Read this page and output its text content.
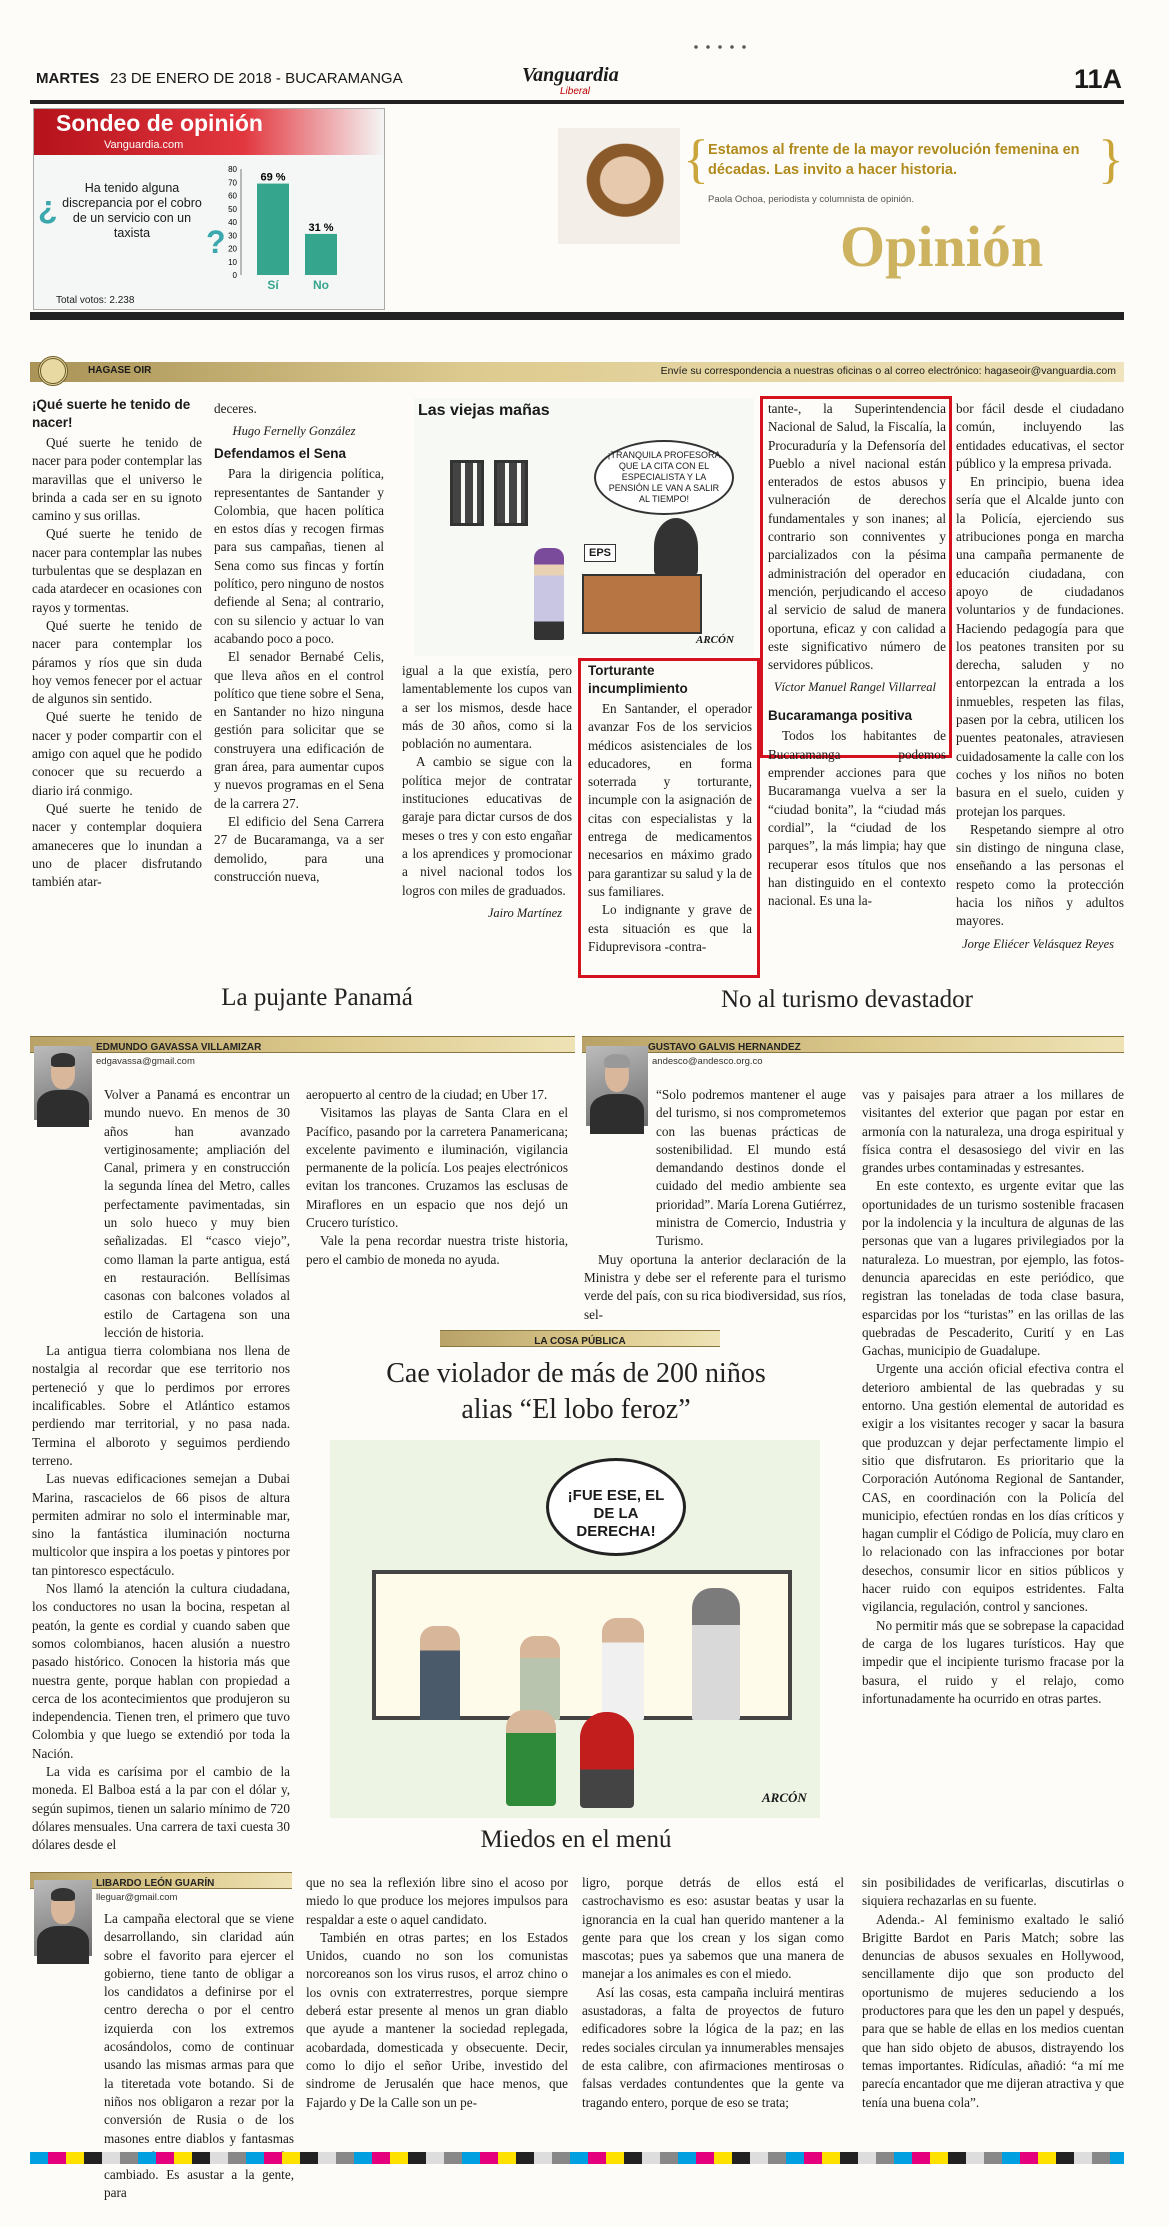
MARTES 23 DE ENERO DE 2018 - BUCARAMANGA	Vanguardia
Liberal	11A
Sondeo de opinión
Vanguardia.com
¿
Ha tenido alguna discrepancia por el cobro de un servicio con un taxista	?
80
70
60
50
40
30
20
10
0
69 %
Sí
31 %
No
Total votos: 2.238
{ Estamos al frente de la mayor revolución femenina en décadas. Las invito a hacer historia.	}
Paola Ochoa, periodista y columnista de opinión.
Opinión
HAGASE OIR	Envíe su correspondencia a nuestras oficinas o al correo electrónico: hagaseoir@vanguardia.com
¡Qué suerte he tenido de nacer!

Qué suerte he tenido de nacer para poder contemplar las maravillas que el universo le brinda a cada ser en su ignoto camino y sus orillas.

Qué suerte he tenido de nacer para contemplar las nubes turbulentas que se desplazan en cada atardecer en ocasiones con rayos y tormentas.

Qué suerte he tenido de nacer para contemplar los páramos y ríos que sin duda hoy vemos fenecer por el actuar de algunos sin sentido.

Qué suerte he tenido de nacer y poder compartir con el amigo con aquel que he podido conocer que su recuerdo a diario irá conmigo.

Qué suerte he tenido de nacer y contemplar doquiera amaneceres que lo inundan a uno de placer disfrutando también atar-

deceres.
Hugo Fernelly González
Defendamos el Sena

Para la dirigencia política, representantes de Santander y Colombia, que hacen política en estos días y recogen firmas para sus campañas, tienen al Sena como sus fincas y fortín político, pero ninguno de nostos defiende al Sena; al contrario, con su silencio y actuar lo van acabando poco a poco.

El senador Bernabé Celis, que lleva años en el control político que tiene sobre el Sena, en Santander no hizo ninguna gestión para solicitar que se construyera una edificación de gran área, para aumentar cupos y nuevos programas en el Sena de la carrera 27.

El edificio del Sena Carrera 27 de Bucaramanga, va a ser demolido, para una construcción nueva,

Las viejas mañas
¡TRANQUILA PROFESORA QUE LA CITA CON EL ESPECIALISTA Y LA PENSIÓN LE VAN A SALIR AL TIEMPO!
EPS
ARCÓN

igual a la que existía, pero lamentablemente los cupos van a ser los mismos, desde hace más de 30 años, como si la población no aumentara.

A cambio se sigue con la política mejor de contratar instituciones educativas de garaje para dictar cursos de dos meses o tres y con esto engañar a los aprendices y promocionar a nivel nacional todos los logros con miles de graduados.

Jairo Martínez
Torturante incumplimiento

En Santander, el operador avanzar Fos de los servicios médicos asistenciales de los educadores, en forma soterrada y torturante, incumple con la asignación de citas con especialistas y la entrega de medicamentos necesarios en máximo grado para garantizar su salud y la de sus familiares.

Lo indignante y grave de esta situación es que la Fiduprevisora -contra-

tante-, la Superintendencia Nacional de Salud, la Fiscalía, la Procuraduría y la Defensoría del Pueblo a nivel nacional están enterados de estos abusos y vulneración de derechos fundamentales y son inanes; al contrario son conniventes y parcializados con la pésima administración del operador en mención, perjudicando el acceso al servicio de salud de manera oportuna, eficaz y con calidad a este significativo número de servidores públicos.

Víctor Manuel Rangel Villarreal
Bucaramanga positiva

Todos los habitantes de Bucaramanga podemos emprender acciones para que Bucaramanga vuelva a ser la “ciudad bonita”, la “ciudad más cordial”, la “ciudad de los parques”, la más limpia; hay que recuperar esos títulos que nos han distinguido en el contexto nacional. Es una la-

bor fácil desde el ciudadano común, incluyendo las entidades educativas, el sector público y la empresa privada.

En principio, buena idea sería que el Alcalde junto con la Policía, ejerciendo sus atribuciones ponga en marcha una campaña permanente de educación ciudadana, con apoyo de ciudadanos voluntarios y de fundaciones. Haciendo pedagogía para que los peatones transiten por su derecha, saluden y no entorpezcan la entrada a los inmuebles, respeten las filas, pasen por la cebra, utilicen los puentes peatonales, atraviesen cuidadosamente la calle con los coches y los niños no boten basura en el suelo, cuiden y protejan los parques.

Respetando siempre al otro sin distingo de ninguna clase, enseñando a las personas el respeto como la protección hacia los niños y adultos mayores.

Jorge Eliécer Velásquez Reyes
La pujante Panamá	No al turismo devastador
EDMUNDO GAVASSA VILLAMIZAR
edgavassa@gmail.com

Volver a Panamá es encontrar un mundo nuevo. En menos de 30 años han avanzado vertiginosamente; ampliación del Canal, primera y en construcción la segunda línea del Metro, calles perfectamente pavimentadas, sin un solo hueco y muy bien señalizadas. El “casco viejo”, como llaman la parte antigua, está en restauración. Bellísimas casonas con balcones volados al estilo de Cartagena son una lección de historia.

La antigua tierra colombiana nos llena de nostalgia al recordar que ese territorio nos perteneció y que lo perdimos por errores incalificables. Sobre el Atlántico estamos perdiendo mar territorial, y no pasa nada. Termina el alboroto y seguimos perdiendo terreno.

Las nuevas edificaciones semejan a Dubai Marina, rascacielos de 66 pisos de altura permiten admirar no solo el interminable mar, sino la fantástica iluminación nocturna multicolor que inspira a los poetas y pintores por tan pintoresco espectáculo.

Nos llamó la atención la cultura ciudadana, los conductores no usan la bocina, respetan al peatón, la gente es cordial y cuando saben que somos colombianos, hacen alusión a nuestro pasado histórico. Conocen la historia más que nuestra gente, porque hablan con propiedad a cerca de los acontecimientos que produjeron su independencia. Tienen tren, el primero que tuvo Colombia y que luego se extendió por toda la Nación.

La vida es carísima por el cambio de la moneda. El Balboa está a la par con el dólar y, según supimos, tienen un salario mínimo de 720 dólares mensuales. Una carrera de taxi cuesta 30 dólares desde el

aeropuerto al centro de la ciudad; en Uber 17.

Visitamos las playas de Santa Clara en el Pacífico, pasando por la carretera Panamericana; excelente pavimento e iluminación, vigilancia permanente de la policía. Los peajes electrónicos evitan los trancones. Cruzamos las esclusas de Miraflores en un espacio que nos dejó un Crucero turístico.

Vale la pena recordar nuestra triste historia, pero el cambio de moneda no ayuda.

GUSTAVO GALVIS HERNANDEZ
andesco@andesco.org.co

“Solo podremos mantener el auge del turismo, si nos comprometemos con las buenas prácticas de sostenibilidad. El mundo está demandando destinos donde el cuidado del medio ambiente sea prioridad”. María Lorena Gutiérrez, ministra de Comercio, Industria y Turismo.

Muy oportuna la anterior declaración de la Ministra y debe ser el referente para el turismo verde del país, con su rica biodiversidad, sus ríos, sel-

vas y paisajes para atraer a los millares de visitantes del exterior que pagan por estar en armonía con la naturaleza, una droga espiritual y física contra el desasosiego del vivir en las grandes urbes contaminadas y estresantes.

En este contexto, es urgente evitar que las oportunidades de un turismo sostenible fracasen por la indolencia y la incultura de algunas de las personas que van a lugares privilegiados por la naturaleza. Lo muestran, por ejemplo, las fotos-denuncia aparecidas en este periódico, que registran las toneladas de toda clase basura, esparcidas por los “turistas” en las orillas de las quebradas de Pescaderito, Curití y en Las Gachas, municipio de Guadalupe.

Urgente una acción oficial efectiva contra el deterioro ambiental de las quebradas y su entorno. Una gestión elemental de autoridad es exigir a los visitantes recoger y sacar la basura que produzcan y dejar perfectamente limpio el sitio que disfrutaron. Es prioritario que la Corporación Autónoma Regional de Santander, CAS, en coordinación con la Policía del municipio, efectúen rondas en los días críticos y hagan cumplir el Código de Policía, muy claro en lo relacionado con las infracciones por botar desechos, consumir licor en sitios públicos y hacer ruido con equipos estridentes. Falta vigilancia, regulación, control y sanciones.

No permitir más que se sobrepase la capacidad de carga de los lugares turísticos. Hay que impedir que el incipiente turismo fracase por la basura, el ruido y el relajo, como infortunadamente ha ocurrido en otras partes.

LA COSA PÚBLICA
Cae violador de más de 200 niños
alias “El lobo feroz”
¡FUE ESE, EL DE LA DERECHA!
ARCÓN
Miedos en el menú
LIBARDO LEÓN GUARÍN
lleguar@gmail.com

La campaña electoral que se viene desarrollando, sin claridad aún sobre el favorito para ejercer el gobierno, tiene tanto de obligar a los candidatos a definirse por el centro derecha o por el centro izquierda con los extremos acosándolos, como de continuar usando las mismas armas para que la titeretada vote botando. Si de niños nos obligaron a rezar por la conversión de Rusia o de los masones entre diablos y fantasmas cambiado. Es asustar a la gente, para

que no sea la reflexión libre sino el acoso por miedo lo que produce los mejores impulsos para respaldar a este o aquel candidato.

También en otras partes; en los Estados Unidos, cuando no son los comunistas norcoreanos son los virus rusos, el arroz chino o los ovnis con extraterrestres, porque siempre deberá estar presente al menos un gran diablo que ayude a mantener la sociedad replegada, acobardada, domesticada y obsecuente. Decir, como lo dijo el señor Uribe, investido del sindrome de Jerusalén que hace menos, que Fajardo y De la Calle son un pe-

ligro, porque detrás de ellos está el castrochavismo es eso: asustar beatas y usar la ignorancia en la cual han querido mantener a la gente para que los crean y los sigan como mascotas; pues ya sabemos que una manera de manejar a los animales es con el miedo.

Así las cosas, esta campaña incluirá mentiras asustadoras, a falta de proyectos de futuro edificadores sobre la lógica de la paz; en las redes sociales circulan ya innumerables mensajes de esta calibre, con afirmaciones mentirosas o falsas verdades contundentes que la gente va tragando entero, porque de eso se trata;

sin posibilidades de verificarlas, discutirlas o siquiera rechazarlas en su fuente.

Adenda.- Al feminismo exaltado le salió Brigitte Bardot en Paris Match; sobre las denuncias de abusos sexuales en Hollywood, sencillamente dijo que son producto del oportunismo de mujeres seduciendo a los productores para que les den un papel y después, para que se hable de ellas en los medios cuentan que han sido objeto de abusos, distrayendo los temas importantes. Ridículas, añadió: “a mí me parecía encantador que me dijeran atractiva y que tenía una buena cola”.
